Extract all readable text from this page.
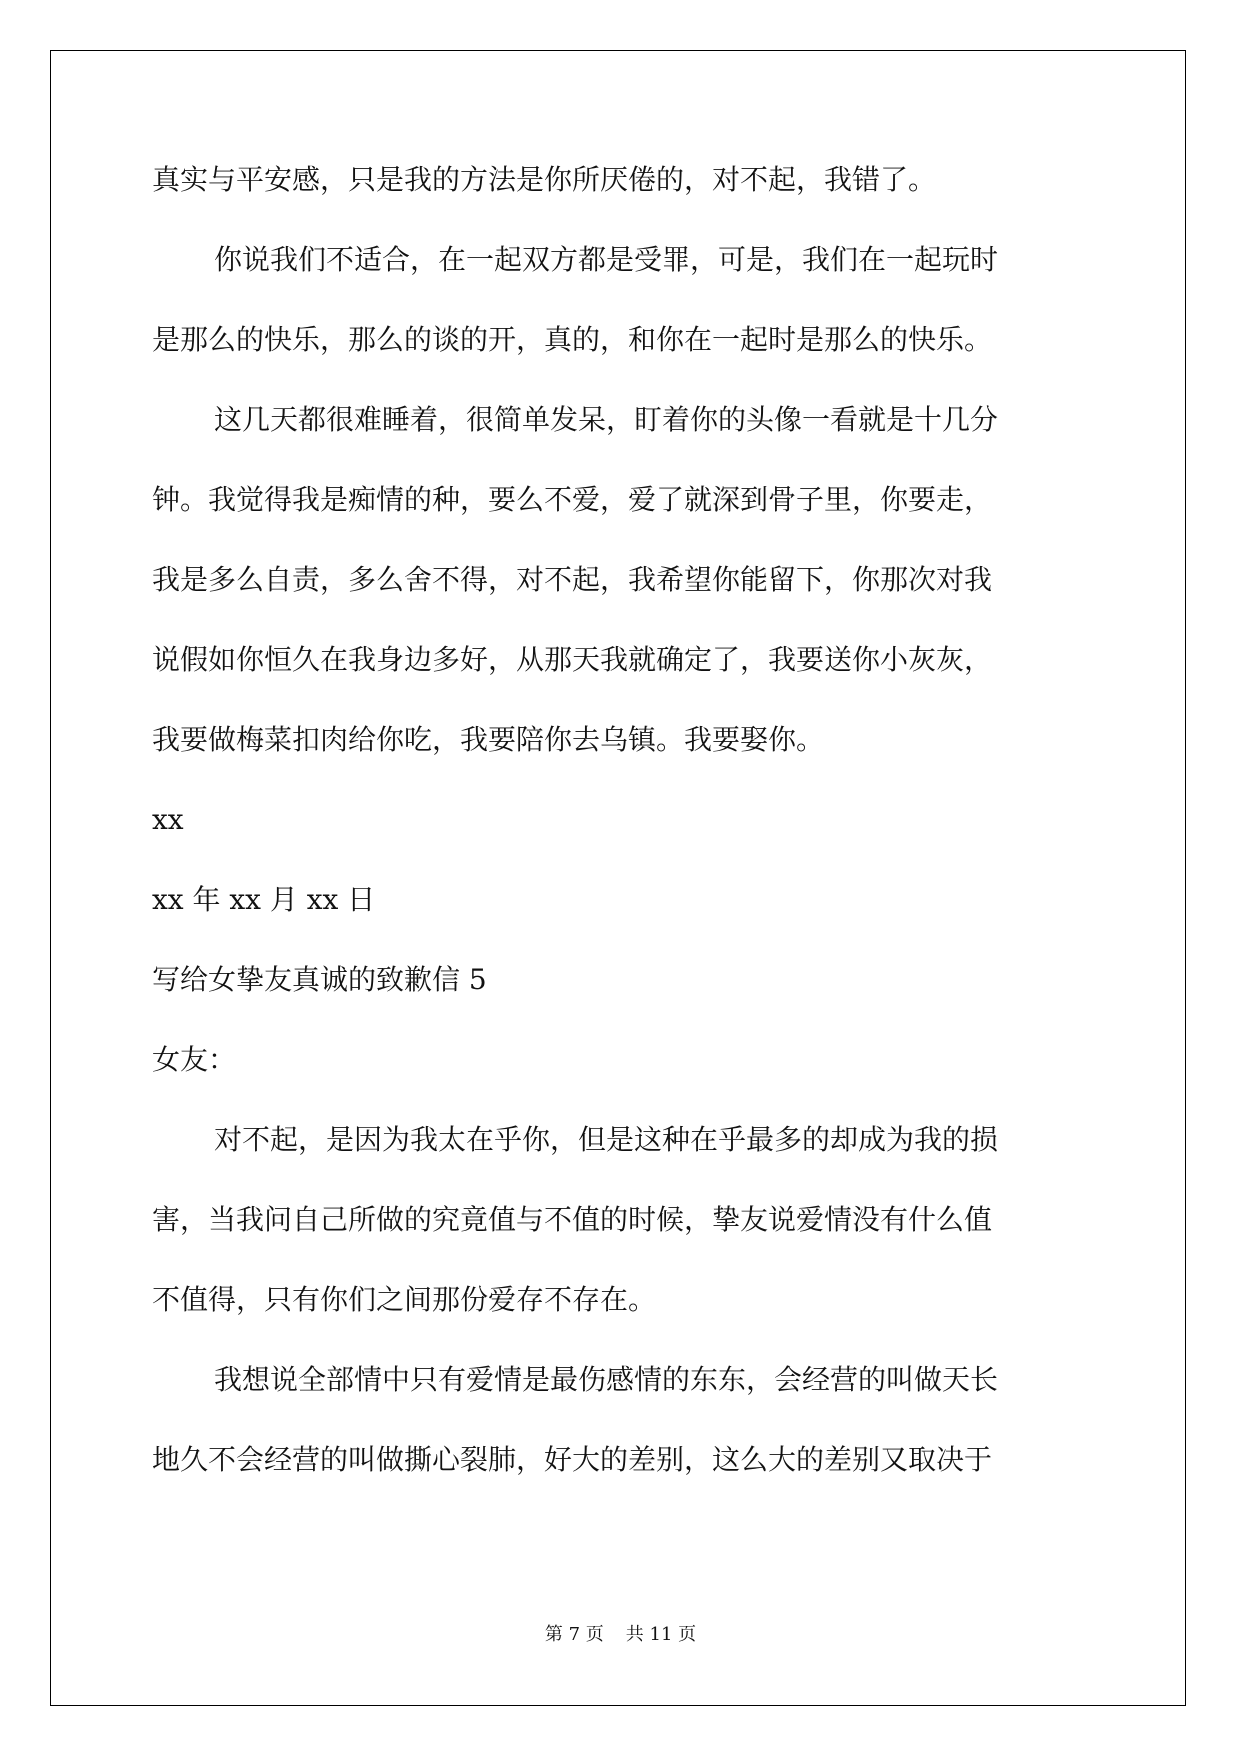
真实与平安感，只是我的方法是你所厌倦的，对不起，我错了。

你说我们不适合，在一起双方都是受罪，可是，我们在一起玩时

是那么的快乐，那么的谈的开，真的，和你在一起时是那么的快乐。

这几天都很难睡着，很简单发呆，盯着你的头像一看就是十几分

钟。我觉得我是痴情的种，要么不爱，爱了就深到骨子里，你要走，

我是多么自责，多么舍不得，对不起，我希望你能留下，你那次对我

说假如你恒久在我身边多好，从那天我就确定了，我要送你小灰灰，

我要做梅菜扣肉给你吃，我要陪你去乌镇。我要娶你。

xx

xx 年 xx 月 xx 日

写给女挚友真诚的致歉信 5

女友：

对不起，是因为我太在乎你，但是这种在乎最多的却成为我的损

害，当我问自己所做的究竟值与不值的时候，挚友说爱情没有什么值

不值得，只有你们之间那份爱存不存在。

我想说全部情中只有爱情是最伤感情的东东，会经营的叫做天长

地久不会经营的叫做撕心裂肺，好大的差别，这么大的差别又取决于

第 7 页 共 11 页
